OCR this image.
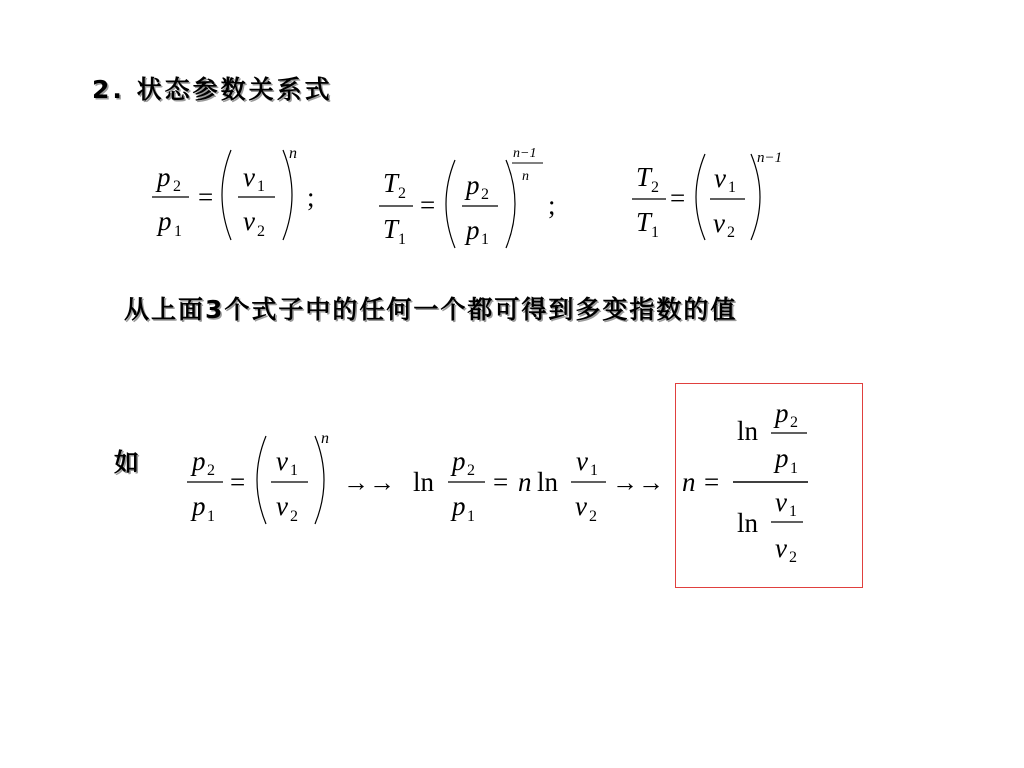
2. 状态参数关系式
p 2
p 1
=
v 1
v 2
n
;	T 2
T 1
=
p 2
p 1
n−1
n
;
T 2
T 1
=
v 1
v 2
n−1
从上面3个式子中的任何一个都可得到多变指数的值
如 p 2
p 1
=
v 1
v 2
n
→→ ln
p 2
p 1
= n ln
v 1
v 2
→→ n =
ln
p 2
p 1
ln
v 1
v 2
